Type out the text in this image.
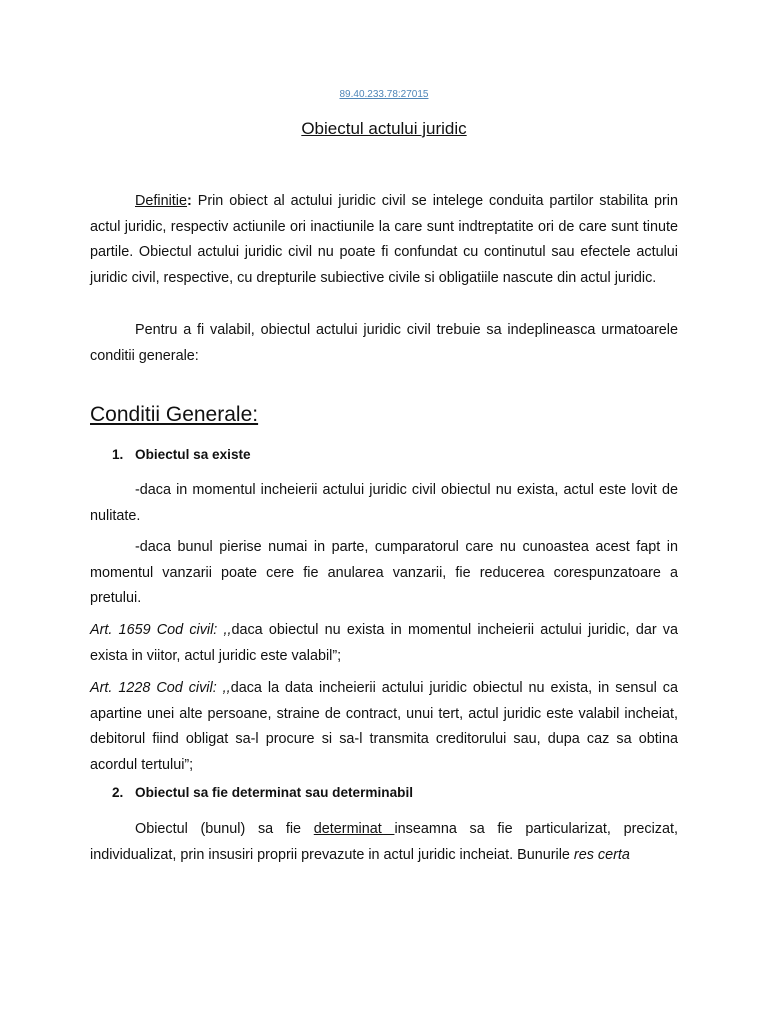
89.40.233.78:27015
Obiectul actului juridic

Definitie: Prin obiect al actului juridic civil se intelege conduita partilor stabilita prin actul juridic, respectiv actiunile ori inactiunile la care sunt indtreptatite ori de care sunt tinute partile. Obiectul actului juridic civil nu poate fi confundat cu continutul sau efectele actului juridic civil, respective, cu drepturile subiective civile si obligatiile nascute din actul juridic.

Pentru a fi valabil, obiectul actului juridic civil trebuie sa indeplineasca urmatoarele conditii generale:

Conditii Generale:
1. Obiectul sa existe

-daca in momentul incheierii actului juridic civil obiectul nu exista, actul este lovit de nulitate.

-daca bunul pierise numai in parte, cumparatorul care nu cunoastea acest fapt in momentul vanzarii poate cere fie anularea vanzarii, fie reducerea corespunzatoare a pretului.

Art. 1659 Cod civil: ,,daca obiectul nu exista in momentul incheierii actului juridic, dar va exista in viitor, actul juridic este valabil”;

Art. 1228 Cod civil: ,,daca la data incheierii actului juridic obiectul nu exista, in sensul ca apartine unei alte persoane, straine de contract, unui tert, actul juridic este valabil incheiat, debitorul fiind obligat sa-l procure si sa-l transmita creditorului sau, dupa caz sa obtina acordul tertului”;

2. Obiectul sa fie determinat sau determinabil

Obiectul (bunul) sa fie determinat inseamna sa fie particularizat, precizat, individualizat, prin insusiri proprii prevazute in actul juridic incheiat. Bunurile res certa
